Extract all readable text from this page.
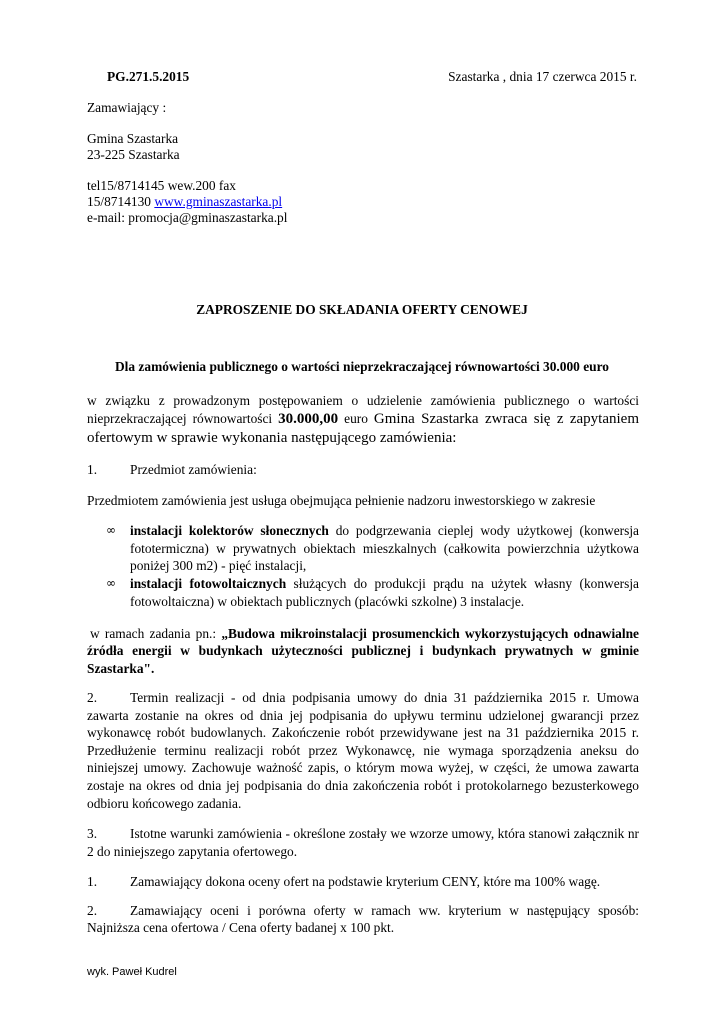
PG.271.5.2015	Szastarka , dnia 17 czerwca 2015 r.
Zamawiający :
Gmina Szastarka
23-225 Szastarka
tel15/8714145 wew.200 fax
15/8714130 www.gminaszastarka.pl
e-mail: promocja@gminaszastarka.pl
ZAPROSZENIE DO SKŁADANIA OFERTY CENOWEJ
Dla zamówienia publicznego o wartości nieprzekraczającej równowartości 30.000 euro
w związku z prowadzonym postępowaniem o udzielenie zamówienia publicznego o wartości
nieprzekraczającej równowartości 30.000,00 euro Gmina Szastarka zwraca się z zapytaniem
ofertowym w sprawie wykonania następującego zamówienia:
1. Przedmiot zamówienia:
Przedmiotem zamówienia jest usługa obejmująca pełnienie nadzoru inwestorskiego w zakresie
∞ instalacji kolektorów słonecznych do podgrzewania cieplej wody użytkowej (konwersja
fototermiczna) w prywatnych obiektach mieszkalnych (całkowita powierzchnia użytkowa
poniżej 300 m2) - pięć instalacji,
∞ instalacji fotowoltaicznych służących do produkcji prądu na użytek własny (konwersja
fotowoltaiczna) w obiektach publicznych (placówki szkolne) 3 instalacje.
w ramach zadania pn.: „Budowa mikroinstalacji prosumenckich wykorzystujących odnawialne
źródła energii w budynkach użyteczności publicznej i budynkach prywatnych w gminie
Szastarka".
2. Termin realizacji - od dnia podpisania umowy do dnia 31 października 2015 r. Umowa
zawarta zostanie na okres od dnia jej podpisania do upływu terminu udzielonej gwarancji przez
wykonawcę robót budowlanych. Zakończenie robót przewidywane jest na 31 października 2015 r.
Przedłużenie terminu realizacji robót przez Wykonawcę, nie wymaga sporządzenia aneksu do
niniejszej umowy. Zachowuje ważność zapis, o którym mowa wyżej, w części, że umowa zawarta
zostaje na okres od dnia jej podpisania do dnia zakończenia robót i protokolarnego bezusterkowego
odbioru końcowego zadania.
3. Istotne warunki zamówienia - określone zostały we wzorze umowy, która stanowi załącznik nr
2 do niniejszego zapytania ofertowego.
1. Zamawiający dokona oceny ofert na podstawie kryterium CENY, które ma 100% wagę.
2. Zamawiający oceni i porówna oferty w ramach ww. kryterium w następujący sposób:
Najniższa cena ofertowa / Cena oferty badanej x 100 pkt.
wyk. Paweł Kudrel
